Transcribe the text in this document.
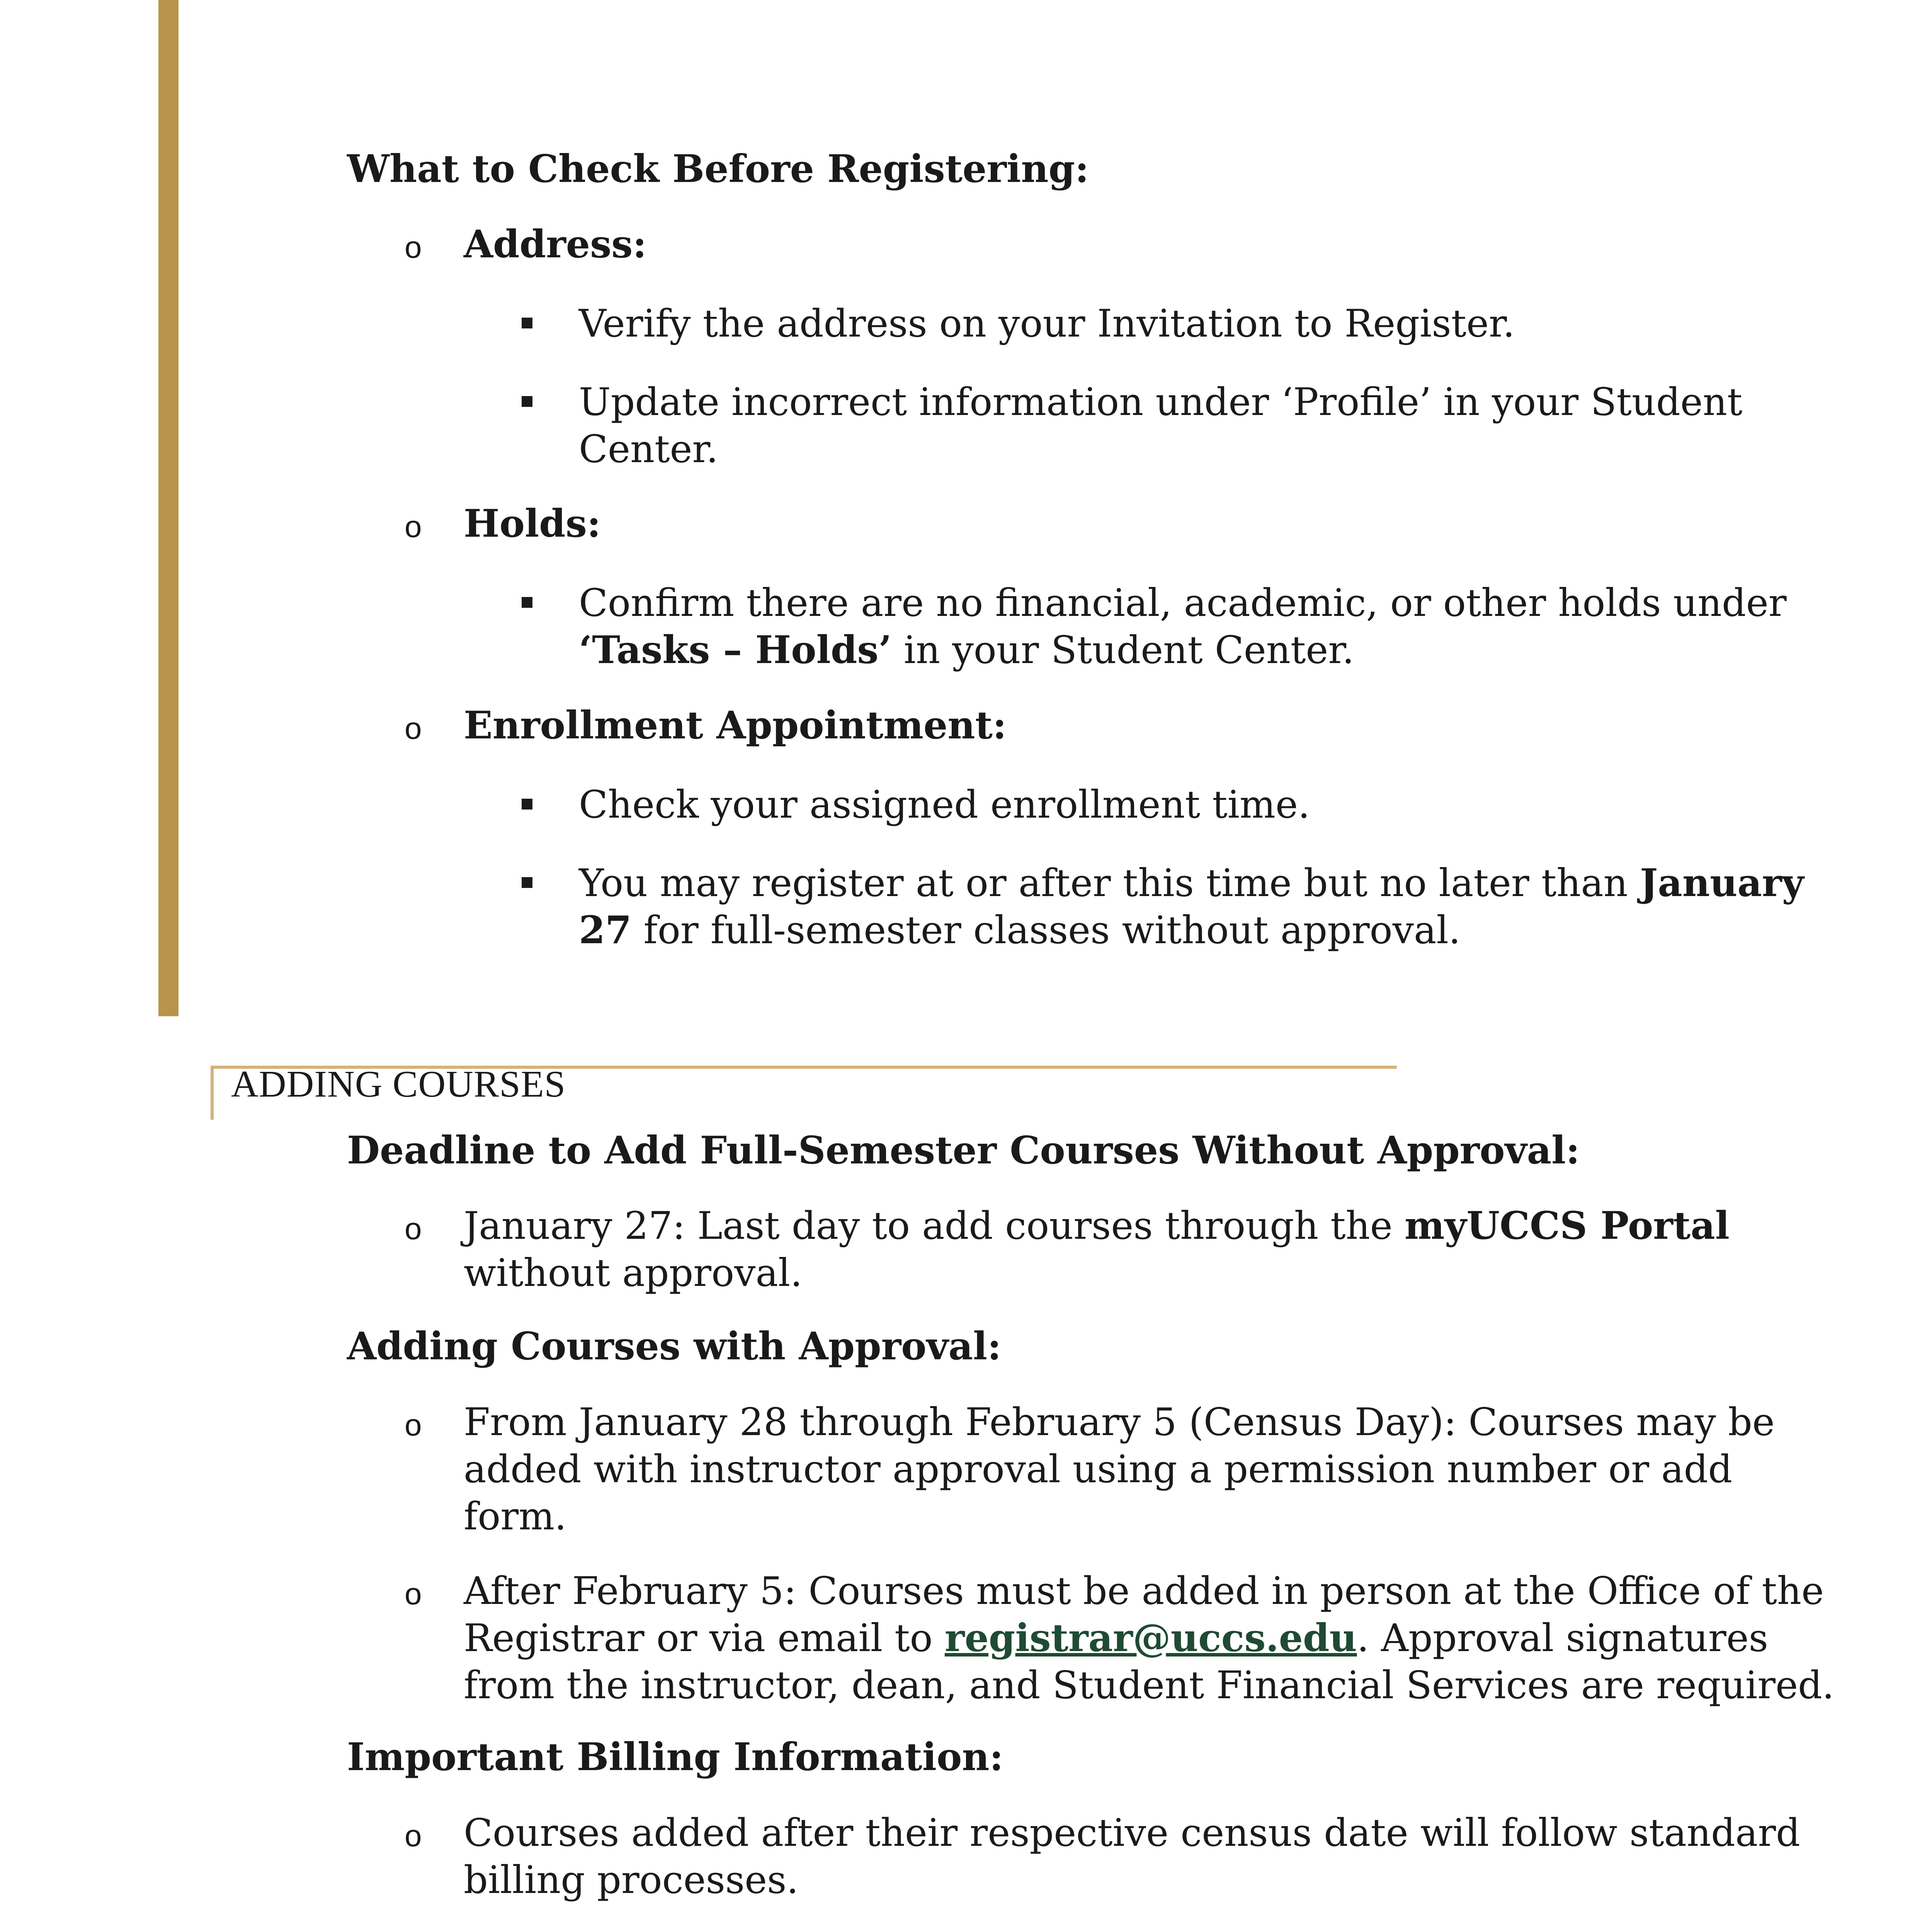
What to Check Before Registering:
o Address:
Verify the address on your Invitation to Register.
Update incorrect information under ‘Profile’ in your Student
Center.
o Holds:
Confirm there are no financial, academic, or other holds under
‘Tasks – Holds’ in your Student Center.
o Enrollment Appointment:
Check your assigned enrollment time.
You may register at or after this time but no later than January
27 for full-semester classes without approval.
ADDING COURSES
Deadline to Add Full-Semester Courses Without Approval:
o January 27: Last day to add courses through the myUCCS Portal
without approval.
Adding Courses with Approval:
o From January 28 through February 5 (Census Day): Courses may be
added with instructor approval using a permission number or add
form.
o After February 5: Courses must be added in person at the Office of the
Registrar or via email to registrar@uccs.edu. Approval signatures
from the instructor, dean, and Student Financial Services are required.
Important Billing Information:
o Courses added after their respective census date will follow standard
billing processes.
